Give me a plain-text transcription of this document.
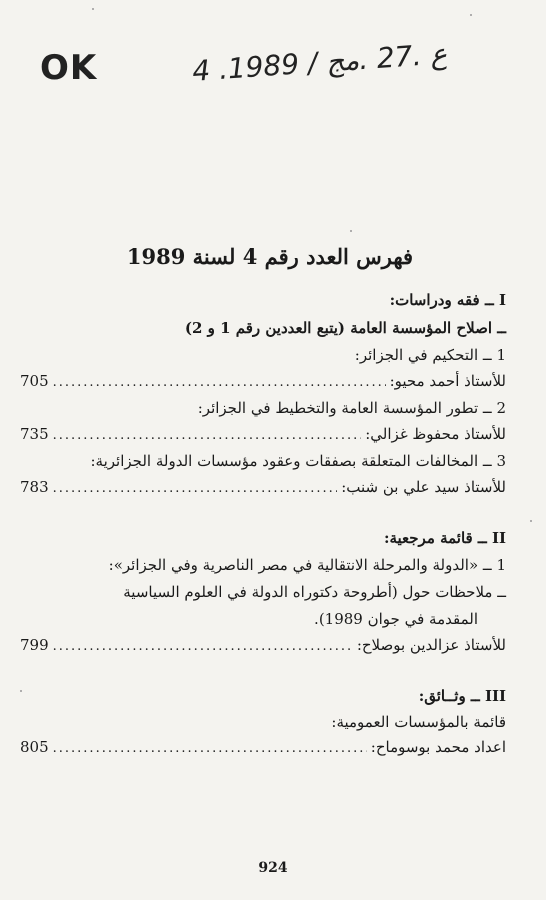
OK	4 .ع .27 .مج / 1989
فهرس العدد رقم 4 لسنة 1989
I ــ فقه ودراسات:
ــ اصلاح المؤسسة العامة (يتبع العددين رقم 1 و 2)
1 ــ التحكيم في الجزائر:
للأستاذ أحمد محيو:
.....
705
2 ــ تطور المؤسسة العامة والتخطيط في الجزائر:
للأستاذ محفوظ غزالي:
.....
735
3 ــ المخالفات المتعلقة بصفقات وعقود مؤسسات الدولة الجزائرية:
للأستاذ سيد علي بن شنب:
.....
783
II ــ قائمة مرجعية:
1 ــ «الدولة والمرحلة الانتقالية في مصر الناصرية وفي الجزائر»:
ــ ملاحظات حول (أطروحة دكتوراه الدولة في العلوم السياسية
المقدمة في جوان 1989).
للأستاذ عزالدين بوصلاح:
.....
799
III ــ وثــائق:
قائمة بالمؤسسات العمومية:
اعداد محمد بوسوماح:
.....
805
924
